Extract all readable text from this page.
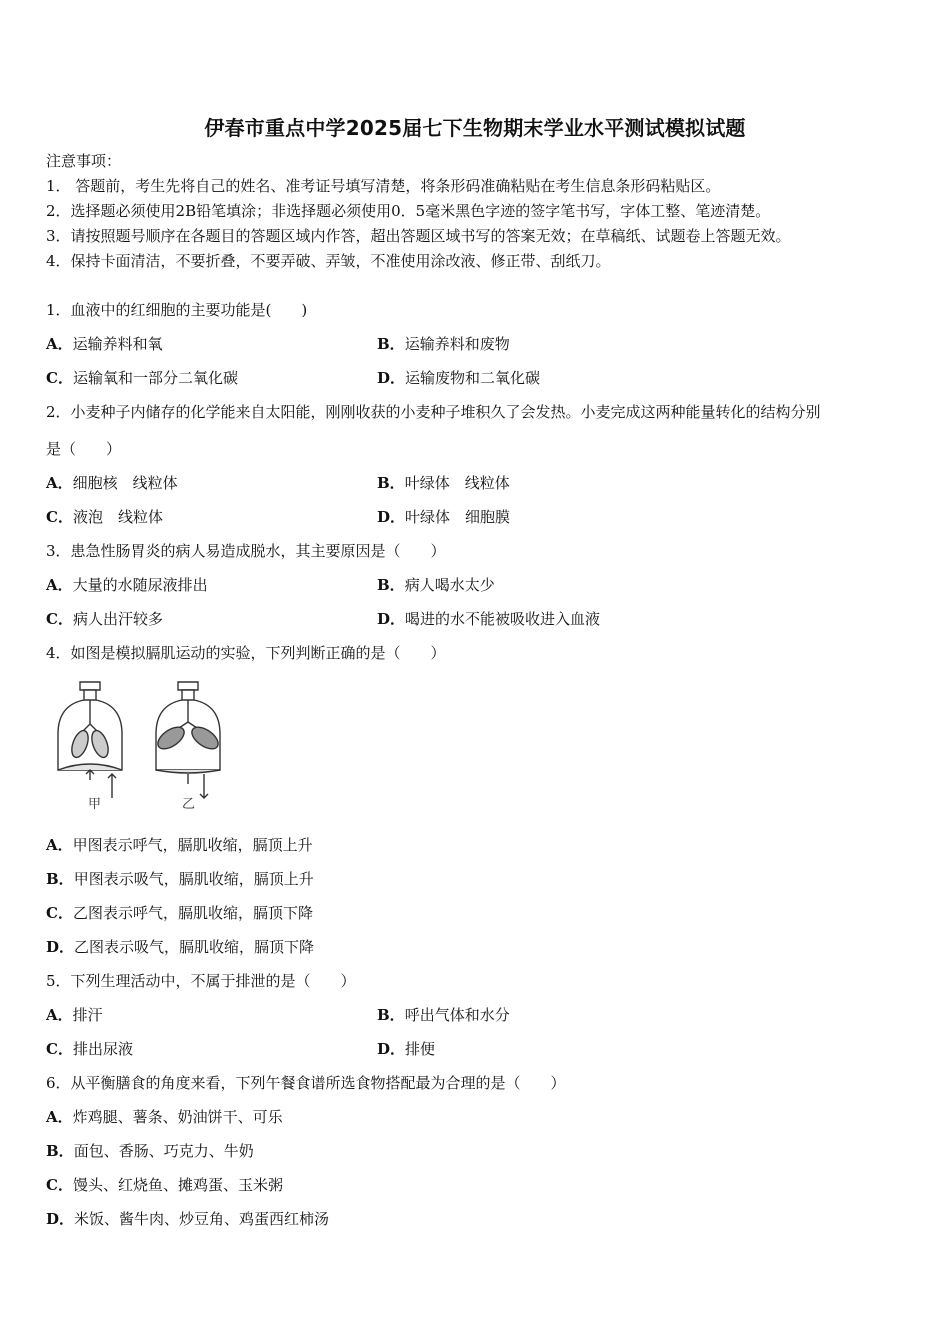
伊春市重点中学2025届七下生物期末学业水平测试模拟试题
注意事项：
1． 答题前，考生先将自己的姓名、准考证号填写清楚，将条形码准确粘贴在考生信息条形码粘贴区。
2．选择题必须使用2B铅笔填涂；非选择题必须使用0．5毫米黑色字迹的签字笔书写，字体工整、笔迹清楚。
3．请按照题号顺序在各题目的答题区域内作答，超出答题区域书写的答案无效；在草稿纸、试题卷上答题无效。
4．保持卡面清洁，不要折叠，不要弄破、弄皱，不准使用涂改液、修正带、刮纸刀。
1．血液中的红细胞的主要功能是(　　)
A．运输养料和氧	B．运输养料和废物
C．运输氧和一部分二氧化碳	D．运输废物和二氧化碳
2．小麦种子内储存的化学能来自太阳能，刚刚收获的小麦种子堆积久了会发热。小麦完成这两种能量转化的结构分别
是（　　）
A．细胞核　线粒体	B．叶绿体　线粒体
C．液泡　线粒体	D．叶绿体　细胞膜
3．患急性肠胃炎的病人易造成脱水，其主要原因是（　　）
A．大量的水随尿液排出	B．病人喝水太少
C．病人出汗较多	D．喝进的水不能被吸收进入血液
4．如图是模拟膈肌运动的实验，下列判断正确的是（　　）
甲	乙
A．甲图表示呼气，膈肌收缩，膈顶上升
B．甲图表示吸气，膈肌收缩，膈顶上升
C．乙图表示呼气，膈肌收缩，膈顶下降
D．乙图表示吸气，膈肌收缩，膈顶下降
5．下列生理活动中，不属于排泄的是（　　）
A．排汗	B．呼出气体和水分
C．排出尿液	D．排便
6．从平衡膳食的角度来看，下列午餐食谱所选食物搭配最为合理的是（　　）
A．炸鸡腿、薯条、奶油饼干、可乐
B．面包、香肠、巧克力、牛奶
C．馒头、红烧鱼、摊鸡蛋、玉米粥
D．米饭、酱牛肉、炒豆角、鸡蛋西红柿汤
